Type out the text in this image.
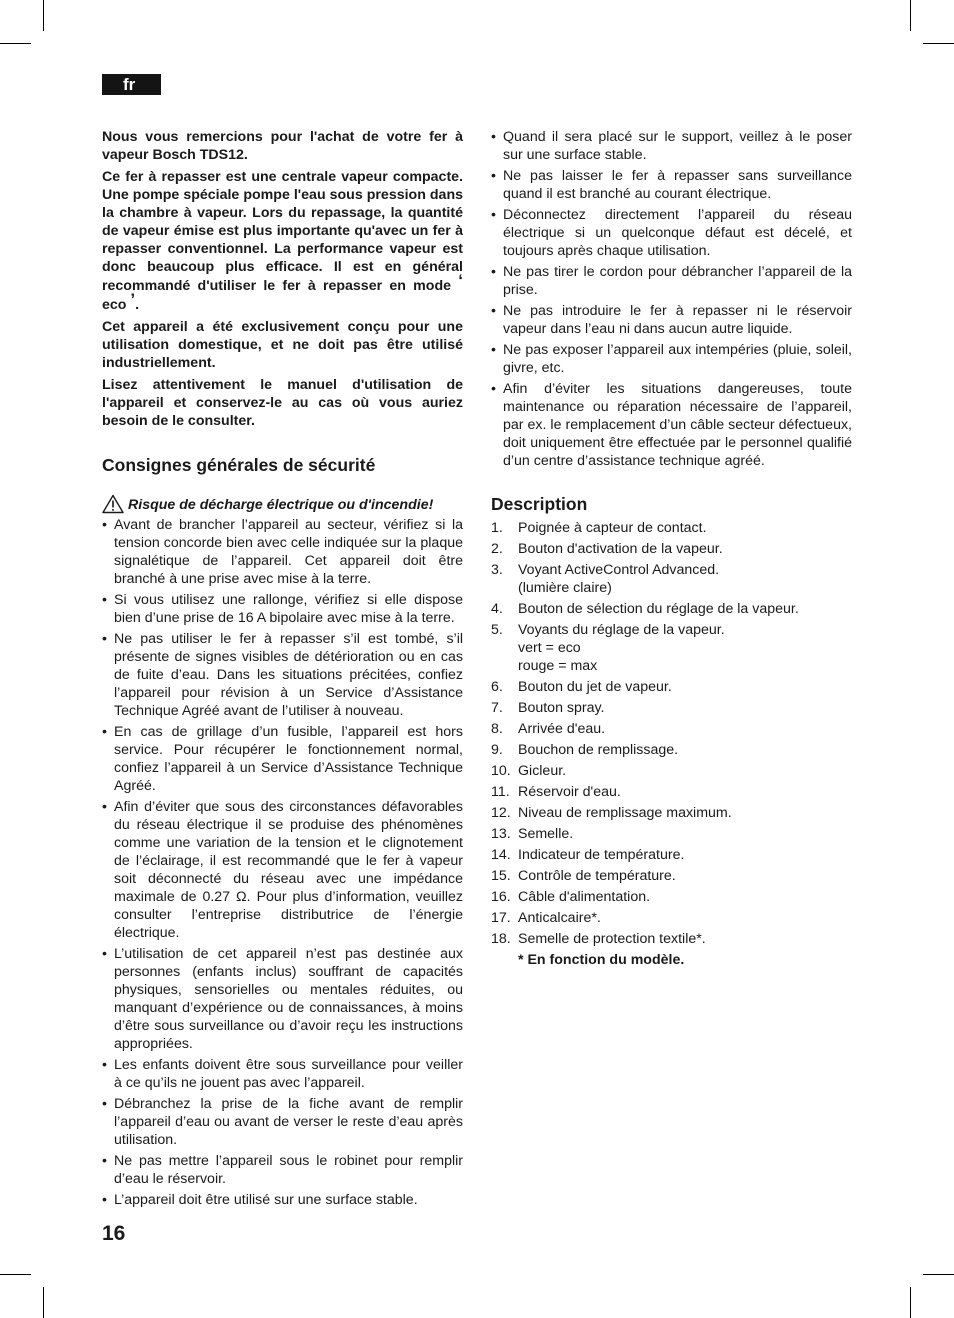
fr

Nous vous remercions pour l'achat de votre fer à vapeur Bosch TDS12.

Ce fer à repasser est une centrale vapeur compacte. Une pompe spéciale pompe l'eau sous pression dans la chambre à vapeur. Lors du repassage, la quantité de vapeur émise est plus importante qu'avec un fer à repasser conventionnel. La performance vapeur est donc beaucoup plus efficace. Il est en général recommandé d'utiliser le fer à repasser en mode ‘ eco ’.

Cet appareil a été exclusivement conçu pour une utilisation domestique, et ne doit pas être utilisé industriellement.

Lisez attentivement le manuel d'utilisation de l'appareil et conservez-le au cas où vous auriez besoin de le consulter.

Consignes générales de sécurité
Risque de décharge électrique ou d'incendie!
• Avant de brancher l’appareil au secteur, vérifiez si la tension concorde bien avec celle indiquée sur la plaque signalétique de l’appareil. Cet appareil doit être branché à une prise avec mise à la terre.
• Si vous utilisez une rallonge, vérifiez si elle dispose bien d’une prise de 16 A bipolaire avec mise à la terre.
• Ne pas utiliser le fer à repasser s’il est tombé, s’il présente de signes visibles de détérioration ou en cas de fuite d’eau. Dans les situations précitées, confiez l’appareil pour révision à un Service d’Assistance Technique Agréé avant de l’utiliser à nouveau.
• En cas de grillage d’un fusible, l’appareil est hors service. Pour récupérer le fonctionnement normal, confiez l’appareil à un Service d’Assistance Technique Agréé.
• Afin d’éviter que sous des circonstances défavorables du réseau électrique il se produise des phénomènes comme une variation de la tension et le clignotement de l’éclairage, il est recommandé que le fer à vapeur soit déconnecté du réseau avec une impédance maximale de 0.27 Ω. Pour plus d’information, veuillez consulter l’entreprise distributrice de l’énergie électrique.
• L’utilisation de cet appareil n’est pas destinée aux personnes (enfants inclus) souffrant de capacités physiques, sensorielles ou mentales réduites, ou manquant d’expérience ou de connaissances, à moins d’être sous surveillance ou d’avoir reçu les instructions appropriées.
• Les enfants doivent être sous surveillance pour veiller à ce qu’ils ne jouent pas avec l’appareil.
• Débranchez la prise de la fiche avant de remplir l’appareil d’eau ou avant de verser le reste d’eau après utilisation.
• Ne pas mettre l’appareil sous le robinet pour remplir d’eau le réservoir.
• L’appareil doit être utilisé sur une surface stable.
• Quand il sera placé sur le support, veillez à le poser sur une surface stable.
• Ne pas laisser le fer à repasser sans surveillance quand il est branché au courant électrique.
• Déconnectez directement l’appareil du réseau électrique si un quelconque défaut est décelé, et toujours après chaque utilisation.
• Ne pas tirer le cordon pour débrancher l’appareil de la prise.
• Ne pas introduire le fer à repasser ni le réservoir vapeur dans l’eau ni dans aucun autre liquide.
• Ne pas exposer l’appareil aux intempéries (pluie, soleil, givre, etc.
• Afin d’éviter les situations dangereuses, toute maintenance ou réparation nécessaire de l’appareil, par ex. le remplacement d’un câble secteur défectueux, doit uniquement être effectuée par le personnel qualifié d’un centre d’assistance technique agréé.
Description
1.	Poignée à capteur de contact.
2.	Bouton d'activation de la vapeur.
3.	Voyant ActiveControl Advanced.
(lumière claire)
4.	Bouton de sélection du réglage de la vapeur.
5.	Voyants du réglage de la vapeur.
vert = eco
rouge = max
6.	Bouton du jet de vapeur.
7.	Bouton spray.
8.	Arrivée d'eau.
9.	Bouchon de remplissage.
10. Gicleur.
11. Réservoir d'eau.
12. Niveau de remplissage maximum.
13. Semelle.
14. Indicateur de température.
15. Contrôle de température.
16. Câble d'alimentation.
17. Anticalcaire*.
18. Semelle de protection textile*.
* En fonction du modèle.
16
